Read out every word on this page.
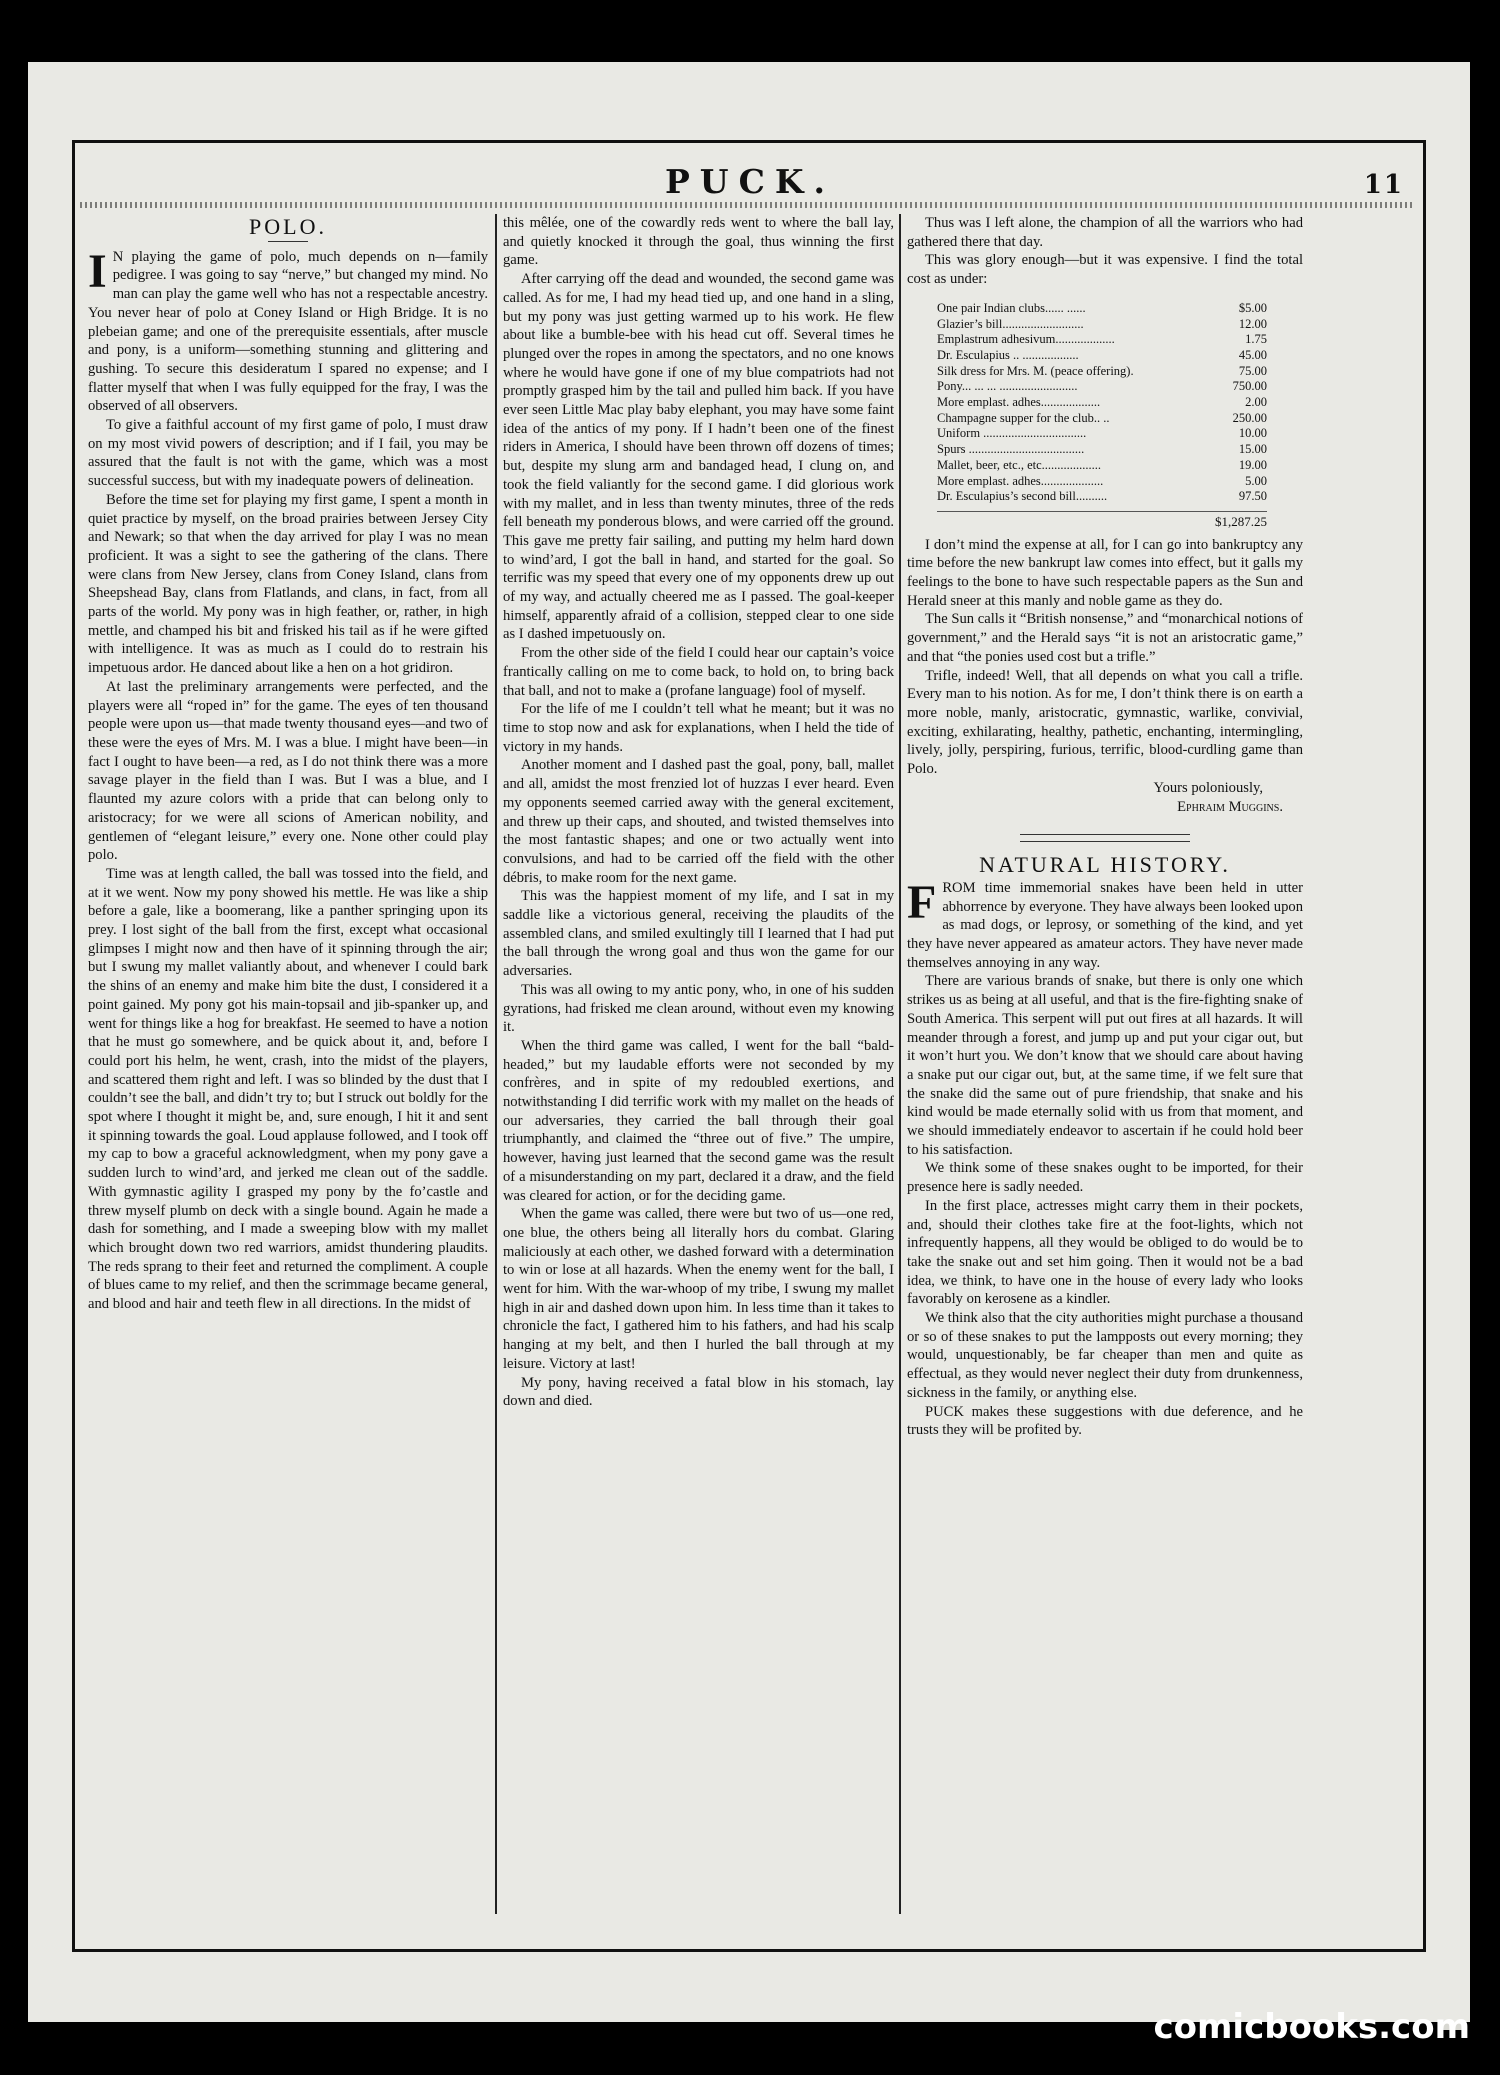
PUCK.	11
POLO.

I N playing the game of polo, much depends on n—family pedigree. I was going to say “nerve,” but changed my mind. No man can play the game well who has not a respectable ancestry. You never hear of polo at Coney Island or High Bridge. It is no plebeian game; and one of the prerequisite essentials, after muscle and pony, is a uniform—something stunning and glittering and gushing. To secure this desideratum I spared no expense; and I flatter myself that when I was fully equipped for the fray, I was the observed of all observers.

To give a faithful account of my first game of polo, I must draw on my most vivid powers of description; and if I fail, you may be assured that the fault is not with the game, which was a most successful success, but with my inadequate powers of delineation.

Before the time set for playing my first game, I spent a month in quiet practice by myself, on the broad prairies between Jersey City and Newark; so that when the day arrived for play I was no mean proficient. It was a sight to see the gathering of the clans. There were clans from New Jersey, clans from Coney Island, clans from Sheepshead Bay, clans from Flatlands, and clans, in fact, from all parts of the world. My pony was in high feather, or, rather, in high mettle, and champed his bit and frisked his tail as if he were gifted with intelligence. It was as much as I could do to restrain his impetuous ardor. He danced about like a hen on a hot gridiron.

At last the preliminary arrangements were perfected, and the players were all “roped in” for the game. The eyes of ten thousand people were upon us—that made twenty thousand eyes—and two of these were the eyes of Mrs. M. I was a blue. I might have been—in fact I ought to have been—a red, as I do not think there was a more savage player in the field than I was. But I was a blue, and I flaunted my azure colors with a pride that can belong only to aristocracy; for we were all scions of American nobility, and gentlemen of “elegant leisure,” every one. None other could play polo.

Time was at length called, the ball was tossed into the field, and at it we went. Now my pony showed his mettle. He was like a ship before a gale, like a boomerang, like a panther springing upon its prey. I lost sight of the ball from the first, except what occasional glimpses I might now and then have of it spinning through the air; but I swung my mallet valiantly about, and whenever I could bark the shins of an enemy and make him bite the dust, I considered it a point gained. My pony got his main-topsail and jib-spanker up, and went for things like a hog for breakfast. He seemed to have a notion that he must go somewhere, and be quick about it, and, before I could port his helm, he went, crash, into the midst of the players, and scattered them right and left. I was so blinded by the dust that I couldn’t see the ball, and didn’t try to; but I struck out boldly for the spot where I thought it might be, and, sure enough, I hit it and sent it spinning towards the goal. Loud applause followed, and I took off my cap to bow a graceful acknowledgment, when my pony gave a sudden lurch to wind’ard, and jerked me clean out of the saddle. With gymnastic agility I grasped my pony by the fo’castle and threw myself plumb on deck with a single bound. Again he made a dash for something, and I made a sweeping blow with my mallet which brought down two red warriors, amidst thundering plaudits. The reds sprang to their feet and returned the compliment. A couple of blues came to my relief, and then the scrimmage became general, and blood and hair and teeth flew in all directions. In the midst of

this mêlée, one of the cowardly reds went to where the ball lay, and quietly knocked it through the goal, thus winning the first game.

After carrying off the dead and wounded, the second game was called. As for me, I had my head tied up, and one hand in a sling, but my pony was just getting warmed up to his work. He flew about like a bumble-bee with his head cut off. Several times he plunged over the ropes in among the spectators, and no one knows where he would have gone if one of my blue compatriots had not promptly grasped him by the tail and pulled him back. If you have ever seen Little Mac play baby elephant, you may have some faint idea of the antics of my pony. If I hadn’t been one of the finest riders in America, I should have been thrown off dozens of times; but, despite my slung arm and bandaged head, I clung on, and took the field valiantly for the second game. I did glorious work with my mallet, and in less than twenty minutes, three of the reds fell beneath my ponderous blows, and were carried off the ground. This gave me pretty fair sailing, and putting my helm hard down to wind’ard, I got the ball in hand, and started for the goal. So terrific was my speed that every one of my opponents drew up out of my way, and actually cheered me as I passed. The goal-keeper himself, apparently afraid of a collision, stepped clear to one side as I dashed impetuously on.

From the other side of the field I could hear our captain’s voice frantically calling on me to come back, to hold on, to bring back that ball, and not to make a (profane language) fool of myself.

For the life of me I couldn’t tell what he meant; but it was no time to stop now and ask for explanations, when I held the tide of victory in my hands.

Another moment and I dashed past the goal, pony, ball, mallet and all, amidst the most frenzied lot of huzzas I ever heard. Even my opponents seemed carried away with the general excitement, and threw up their caps, and shouted, and twisted themselves into the most fantastic shapes; and one or two actually went into convulsions, and had to be carried off the field with the other débris, to make room for the next game.

This was the happiest moment of my life, and I sat in my saddle like a victorious general, receiving the plaudits of the assembled clans, and smiled exultingly till I learned that I had put the ball through the wrong goal and thus won the game for our adversaries.

This was all owing to my antic pony, who, in one of his sudden gyrations, had frisked me clean around, without even my knowing it.

When the third game was called, I went for the ball “bald-headed,” but my laudable efforts were not seconded by my confrères, and in spite of my redoubled exertions, and notwithstanding I did terrific work with my mallet on the heads of our adversaries, they carried the ball through their goal triumphantly, and claimed the “three out of five.” The umpire, however, having just learned that the second game was the result of a misunderstanding on my part, declared it a draw, and the field was cleared for action, or for the deciding game.

When the game was called, there were but two of us—one red, one blue, the others being all literally hors du combat. Glaring maliciously at each other, we dashed forward with a determination to win or lose at all hazards. When the enemy went for the ball, I went for him. With the war-whoop of my tribe, I swung my mallet high in air and dashed down upon him. In less time than it takes to chronicle the fact, I gathered him to his fathers, and had his scalp hanging at my belt, and then I hurled the ball through at my leisure. Victory at last!

My pony, having received a fatal blow in his stomach, lay down and died.

Thus was I left alone, the champion of all the warriors who had gathered there that day.

This was glory enough—but it was expensive. I find the total cost as under:

One pair Indian clubs...... ......	$5.00
Glazier’s bill..........................	12.00
Emplastrum adhesivum...................	1.75
Dr. Esculapius .. ..................	45.00
Silk dress for Mrs. M. (peace offering).	75.00
Pony... ... ... .........................	750.00
More emplast. adhes...................	2.00
Champagne supper for the club.. ..	250.00
Uniform .................................	10.00
Spurs .....................................	15.00
Mallet, beer, etc., etc...................	19.00
More emplast. adhes....................	5.00
Dr. Esculapius’s second bill..........	97.50
$1,287.25

I don’t mind the expense at all, for I can go into bankruptcy any time before the new bankrupt law comes into effect, but it galls my feelings to the bone to have such respectable papers as the Sun and Herald sneer at this manly and noble game as they do.

The Sun calls it “British nonsense,” and “monarchical notions of government,” and the Herald says “it is not an aristocratic game,” and that “the ponies used cost but a trifle.”

Trifle, indeed! Well, that all depends on what you call a trifle. Every man to his notion. As for me, I don’t think there is on earth a more noble, manly, aristocratic, gymnastic, warlike, convivial, exciting, exhilarating, healthy, pathetic, enchanting, intermingling, lively, jolly, perspiring, furious, terrific, blood-curdling game than Polo.

Yours poloniously,
Ephraim Muggins.
NATURAL HISTORY.

FROM time immemorial snakes have been held in utter abhorrence by everyone. They have always been looked upon as mad dogs, or leprosy, or something of the kind, and yet they have never appeared as amateur actors. They have never made themselves annoying in any way.

There are various brands of snake, but there is only one which strikes us as being at all useful, and that is the fire-fighting snake of South America. This serpent will put out fires at all hazards. It will meander through a forest, and jump up and put your cigar out, but it won’t hurt you. We don’t know that we should care about having a snake put our cigar out, but, at the same time, if we felt sure that the snake did the same out of pure friendship, that snake and his kind would be made eternally solid with us from that moment, and we should immediately endeavor to ascertain if he could hold beer to his satisfaction.

We think some of these snakes ought to be imported, for their presence here is sadly needed.

In the first place, actresses might carry them in their pockets, and, should their clothes take fire at the foot-lights, which not infrequently happens, all they would be obliged to do would be to take the snake out and set him going. Then it would not be a bad idea, we think, to have one in the house of every lady who looks favorably on kerosene as a kindler.

We think also that the city authorities might purchase a thousand or so of these snakes to put the lampposts out every morning; they would, unquestionably, be far cheaper than men and quite as effectual, as they would never neglect their duty from drunkenness, sickness in the family, or anything else.

PUCK makes these suggestions with due deference, and he trusts they will be profited by.

comicbooks.com
